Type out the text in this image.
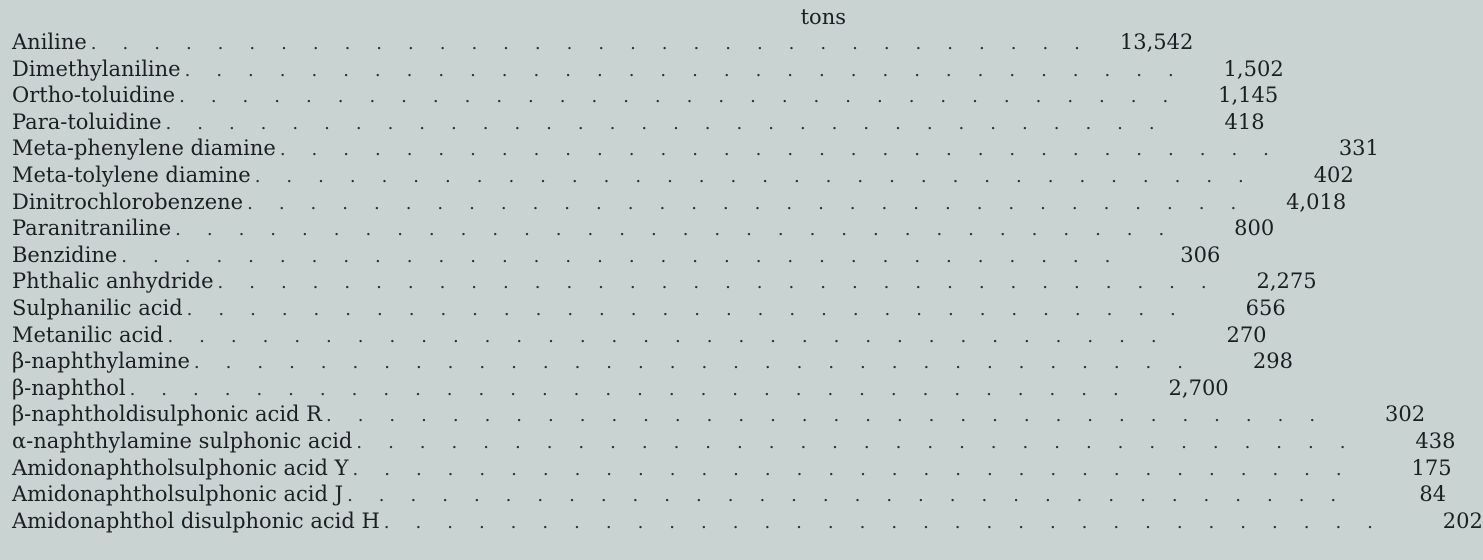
tons
Aniline ................................ 13,542
Dimethylaniline ................................	1,502
Ortho-toluidine ................................	1,145
Para-toluidine ................................	418
Meta-phenylene diamine ................................	331
Meta-tolylene diamine ................................	402
Dinitrochlorobenzene ................................	4,018
Paranitraniline ................................	800
Benzidine ................................	306
Phthalic anhydride ................................	2,275
Sulphanilic acid ................................	656
Metanilic acid ................................	270
β-naphthylamine ................................	298
β-naphthol ................................	2,700
β-naphtholdisulphonic acid R ................................	302
α-naphthylamine sulphonic acid ................................	438
Amidonaphtholsulphonic acid Y ................................	175
Amidonaphtholsulphonic acid J ................................	84
Amidonaphthol disulphonic acid H ................................	202
